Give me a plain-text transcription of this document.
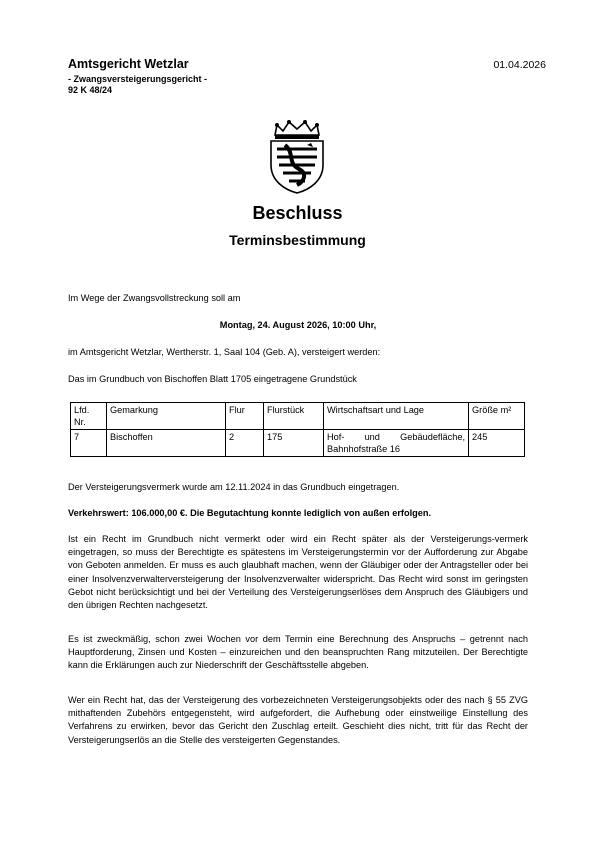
Amtsgericht Wetzlar
- Zwangsversteigerungsgericht -
92 K 48/24
01.04.2026
Beschluss
Terminsbestimmung
Im Wege der Zwangsvollstreckung soll am
Montag, 24. August 2026, 10:00 Uhr,
im Amtsgericht Wetzlar, Wertherstr. 1, Saal 104 (Geb. A), versteigert werden:
Das im Grundbuch von Bischoffen Blatt 1705 eingetragene Grundstück
Lfd. Nr.	Gemarkung	Flur	Flurstück	Wirtschaftsart und Lage	Größe m²
7	Bischoffen	2	175	Hof- und Gebäudefläche, Bahnhofstraße 16	245
Der Versteigerungsvermerk wurde am 12.11.2024 in das Grundbuch eingetragen.
Verkehrswert: 106.000,00 €. Die Begutachtung konnte lediglich von außen erfolgen.
Ist ein Recht im Grundbuch nicht vermerkt oder wird ein Recht später als der Versteigerungs-vermerk eingetragen, so muss der Berechtigte es spätestens im Versteigerungstermin vor der Aufforderung zur Abgabe von Geboten anmelden. Er muss es auch glaubhaft machen, wenn der Gläubiger oder der Antragsteller oder bei einer Insolvenzverwalterversteigerung der Insolvenzverwalter widerspricht. Das Recht wird sonst im geringsten Gebot nicht berücksichtigt und bei der Verteilung des Versteigerungserlöses dem Anspruch des Gläubigers und den übrigen Rechten nachgesetzt.
Es ist zweckmäßig, schon zwei Wochen vor dem Termin eine Berechnung des Anspruchs – getrennt nach Hauptforderung, Zinsen und Kosten – einzureichen und den beanspruchten Rang mitzuteilen. Der Berechtigte kann die Erklärungen auch zur Niederschrift der Geschäftsstelle abgeben.
Wer ein Recht hat, das der Versteigerung des vorbezeichneten Versteigerungsobjekts oder des nach § 55 ZVG mithaftenden Zubehörs entgegensteht, wird aufgefordert, die Aufhebung oder einstweilige Einstellung des Verfahrens zu erwirken, bevor das Gericht den Zuschlag erteilt. Geschieht dies nicht, tritt für das Recht der Versteigerungserlös an die Stelle des versteigerten Gegenstandes.
